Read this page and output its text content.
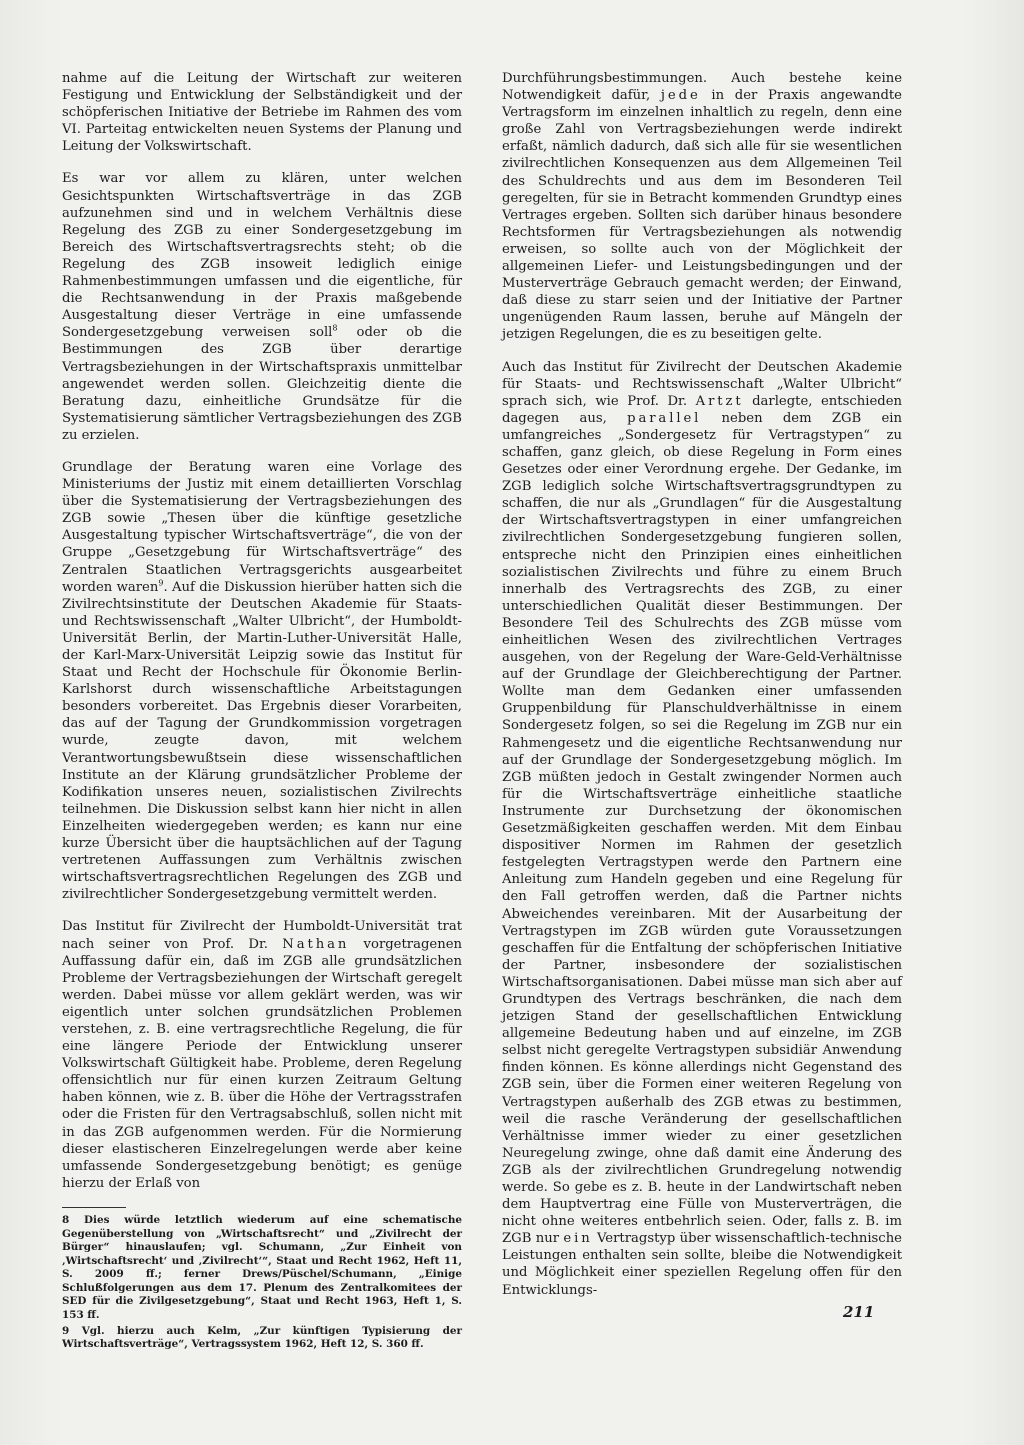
nahme auf die Leitung der Wirtschaft zur weiteren Festigung und Entwicklung der Selbständigkeit und der schöpferischen Initiative der Betriebe im Rahmen des vom VI. Parteitag entwickelten neuen Systems der Planung und Leitung der Volkswirtschaft.

Es war vor allem zu klären, unter welchen Gesichtspunkten Wirtschaftsverträge in das ZGB aufzunehmen sind und in welchem Verhältnis diese Regelung des ZGB zu einer Sondergesetzgebung im Bereich des Wirtschaftsvertragsrechts steht; ob die Regelung des ZGB insoweit lediglich einige Rahmenbestimmungen umfassen und die eigentliche, für die Rechtsanwendung in der Praxis maßgebende Ausgestaltung dieser Verträge in eine umfassende Sondergesetzgebung verweisen soll$^8$ oder ob die Bestimmungen des ZGB über derartige Vertragsbeziehungen in der Wirtschaftspraxis unmittelbar angewendet werden sollen. Gleichzeitig diente die Beratung dazu, einheitliche Grundsätze für die Systematisierung sämtlicher Vertragsbeziehungen des ZGB zu erzielen.

Grundlage der Beratung waren eine Vorlage des Ministeriums der Justiz mit einem detaillierten Vorschlag über die Systematisierung der Vertragsbeziehungen des ZGB sowie „Thesen über die künftige gesetzliche Ausgestaltung typischer Wirtschaftsverträge“, die von der Gruppe „Gesetzgebung für Wirtschaftsverträge“ des Zentralen Staatlichen Vertragsgerichts ausgearbeitet worden waren$^9$. Auf die Diskussion hierüber hatten sich die Zivilrechtsinstitute der Deutschen Akademie für Staats- und Rechtswissenschaft „Walter Ulbricht“, der Humboldt-Universität Berlin, der Martin-Luther-Universität Halle, der Karl-Marx-Universität Leipzig sowie das Institut für Staat und Recht der Hochschule für Ökonomie Berlin-Karlshorst durch wissenschaftliche Arbeitstagungen besonders vorbereitet. Das Ergebnis dieser Vorarbeiten, das auf der Tagung der Grundkommission vorgetragen wurde, zeugte davon, mit welchem Verantwortungsbewußtsein diese wissenschaftlichen Institute an der Klärung grundsätzlicher Probleme der Kodifikation unseres neuen, sozialistischen Zivilrechts teilnehmen. Die Diskussion selbst kann hier nicht in allen Einzelheiten wiedergegeben werden; es kann nur eine kurze Übersicht über die hauptsächlichen auf der Tagung vertretenen Auffassungen zum Verhältnis zwischen wirtschaftsvertragsrechtlichen Regelungen des ZGB und zivilrechtlicher Sondergesetzgebung vermittelt werden.

Das Institut für Zivilrecht der Humboldt-Universität trat nach seiner von Prof. Dr. Nathan vorgetragenen Auffassung dafür ein, daß im ZGB alle grundsätzlichen Probleme der Vertragsbeziehungen der Wirtschaft geregelt werden. Dabei müsse vor allem geklärt werden, was wir eigentlich unter solchen grundsätzlichen Problemen verstehen, z. B. eine vertragsrechtliche Regelung, die für eine längere Periode der Entwicklung unserer Volkswirtschaft Gültigkeit habe. Probleme, deren Regelung offensichtlich nur für einen kurzen Zeitraum Geltung haben können, wie z. B. über die Höhe der Vertragsstrafen oder die Fristen für den Vertragsabschluß, sollen nicht mit in das ZGB aufgenommen werden. Für die Normierung dieser elastischeren Einzelregelungen werde aber keine umfassende Sondergesetzgebung benötigt; es genüge hierzu der Erlaß von

8 Dies würde letztlich wiederum auf eine schematische Gegenüberstellung von „Wirtschaftsrecht“ und „Zivilrecht der Bürger“ hinauslaufen; vgl. Schumann, „Zur Einheit von ‚Wirtschaftsrecht‘ und ‚Zivilrecht‘“, Staat und Recht 1962, Heft 11, S. 2009 ff.; ferner Drews/Püschel/Schumann, „Einige Schlußfolgerungen aus dem 17. Plenum des Zentralkomitees der SED für die Zivilgesetzgebung“, Staat und Recht 1963, Heft 1, S. 153 ff.
9 Vgl. hierzu auch Kelm, „Zur künftigen Typisierung der Wirtschaftsverträge“, Vertragssystem 1962, Heft 12, S. 360 ff.

Durchführungsbestimmungen. Auch bestehe keine Notwendigkeit dafür, jede in der Praxis angewandte Vertragsform im einzelnen inhaltlich zu regeln, denn eine große Zahl von Vertragsbeziehungen werde indirekt erfaßt, nämlich dadurch, daß sich alle für sie wesentlichen zivilrechtlichen Konsequenzen aus dem Allgemeinen Teil des Schuldrechts und aus dem im Besonderen Teil geregelten, für sie in Betracht kommenden Grundtyp eines Vertrages ergeben. Sollten sich darüber hinaus besondere Rechtsformen für Vertragsbeziehungen als notwendig erweisen, so sollte auch von der Möglichkeit der allgemeinen Liefer- und Leistungsbedingungen und der Musterverträge Gebrauch gemacht werden; der Einwand, daß diese zu starr seien und der Initiative der Partner ungenügenden Raum lassen, beruhe auf Mängeln der jetzigen Regelungen, die es zu beseitigen gelte.

Auch das Institut für Zivilrecht der Deutschen Akademie für Staats- und Rechtswissenschaft „Walter Ulbricht“ sprach sich, wie Prof. Dr. Artzt darlegte, entschieden dagegen aus, parallel neben dem ZGB ein umfangreiches „Sondergesetz für Vertragstypen“ zu schaffen, ganz gleich, ob diese Regelung in Form eines Gesetzes oder einer Verordnung ergehe. Der Gedanke, im ZGB lediglich solche Wirtschaftsvertragsgrundtypen zu schaffen, die nur als „Grundlagen“ für die Ausgestaltung der Wirtschaftsvertragstypen in einer umfangreichen zivilrechtlichen Sondergesetzgebung fungieren sollen, entspreche nicht den Prinzipien eines einheitlichen sozialistischen Zivilrechts und führe zu einem Bruch innerhalb des Vertragsrechts des ZGB, zu einer unterschiedlichen Qualität dieser Bestimmungen. Der Besondere Teil des Schulrechts des ZGB müsse vom einheitlichen Wesen des zivilrechtlichen Vertrages ausgehen, von der Regelung der Ware-Geld-Verhältnisse auf der Grundlage der Gleichberechtigung der Partner. Wollte man dem Gedanken einer umfassenden Gruppenbildung für Planschuldverhältnisse in einem Sondergesetz folgen, so sei die Regelung im ZGB nur ein Rahmengesetz und die eigentliche Rechtsanwendung nur auf der Grundlage der Sondergesetzgebung möglich. Im ZGB müßten jedoch in Gestalt zwingender Normen auch für die Wirtschaftsverträge einheitliche staatliche Instrumente zur Durchsetzung der ökonomischen Gesetzmäßigkeiten geschaffen werden. Mit dem Einbau dispositiver Normen im Rahmen der gesetzlich festgelegten Vertragstypen werde den Partnern eine Anleitung zum Handeln gegeben und eine Regelung für den Fall getroffen werden, daß die Partner nichts Abweichendes vereinbaren. Mit der Ausarbeitung der Vertragstypen im ZGB würden gute Voraussetzungen geschaffen für die Entfaltung der schöpferischen Initiative der Partner, insbesondere der sozialistischen Wirtschaftsorganisationen. Dabei müsse man sich aber auf Grundtypen des Vertrags beschränken, die nach dem jetzigen Stand der gesellschaftlichen Entwicklung allgemeine Bedeutung haben und auf einzelne, im ZGB selbst nicht geregelte Vertragstypen subsidiär Anwendung finden können. Es könne allerdings nicht Gegenstand des ZGB sein, über die Formen einer weiteren Regelung von Vertragstypen außerhalb des ZGB etwas zu bestimmen, weil die rasche Veränderung der gesellschaftlichen Verhältnisse immer wieder zu einer gesetzlichen Neuregelung zwinge, ohne daß damit eine Änderung des ZGB als der zivilrechtlichen Grundregelung notwendig werde. So gebe es z. B. heute in der Landwirtschaft neben dem Hauptvertrag eine Fülle von Musterverträgen, die nicht ohne weiteres entbehrlich seien. Oder, falls z. B. im ZGB nur ein Vertragstyp über wissenschaftlich-technische Leistungen enthalten sein sollte, bleibe die Notwendigkeit und Möglichkeit einer speziellen Regelung offen für den Entwicklungs-

211
